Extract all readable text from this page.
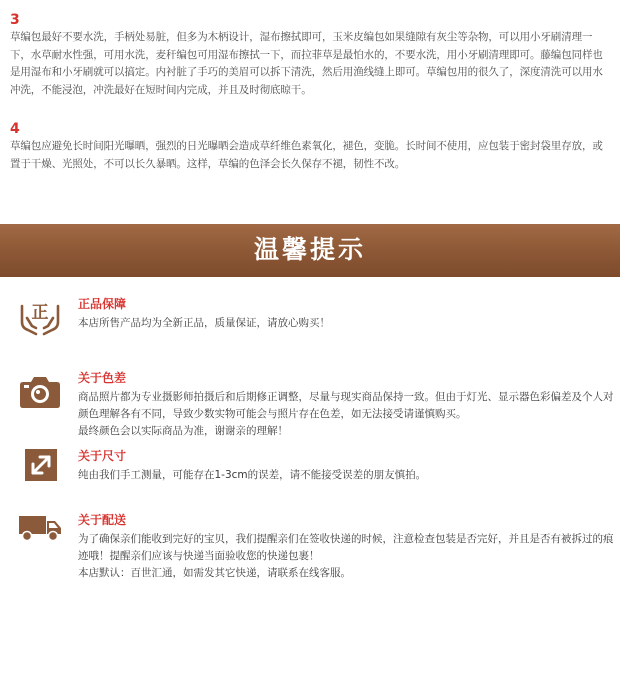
3
草编包最好不要水洗，手柄处易脏，但多为木柄设计，湿布擦拭即可，玉米皮编包如果缝隙有灰尘等杂物，可以用小牙刷清理一下，水草耐水性强，可用水洗，麦秆编包可用湿布擦拭一下，而拉菲草是最怕水的，不要水洗，用小牙刷清理即可。藤编包同样也是用湿布和小牙刷就可以搞定。内衬脏了手巧的美眉可以拆下清洗，然后用渔线缝上即可。草编包用的很久了，深度清洗可以用水冲洗，不能浸泡，冲洗最好在短时间内完成，并且及时彻底晾干。
4
草编包应避免长时间阳光曝晒，强烈的日光曝晒会造成草纤维色素氧化，褪色，变脆。长时间不使用，应包装于密封袋里存放，或置于干燥、光照处，不可以长久暴晒。这样，草编的色泽会长久保存不褪，韧性不改。
温馨提示
正 正品保障
本店所售产品均为全新正品，质量保证，请放心购买！
关于色差
商品照片都为专业摄影师拍摄后和后期修正调整，尽量与现实商品保持一致。但由于灯光、显示器色彩偏差及个人对颜色理解各有不同，导致少数实物可能会与照片存在色差，如无法接受请谨慎购买。
最终颜色会以实际商品为准，谢谢亲的理解！
关于尺寸
纯由我们手工测量，可能存在1-3cm的误差，请不能接受误差的朋友慎拍。
关于配送
为了确保亲们能收到完好的宝贝，我们提醒亲们在签收快递的时候，注意检查包装是否完好，并且是否有被拆过的痕迹哦！提醒亲们应该与快递当面验收您的快递包裹！
本店默认：百世汇通，如需发其它快递，请联系在线客服。
